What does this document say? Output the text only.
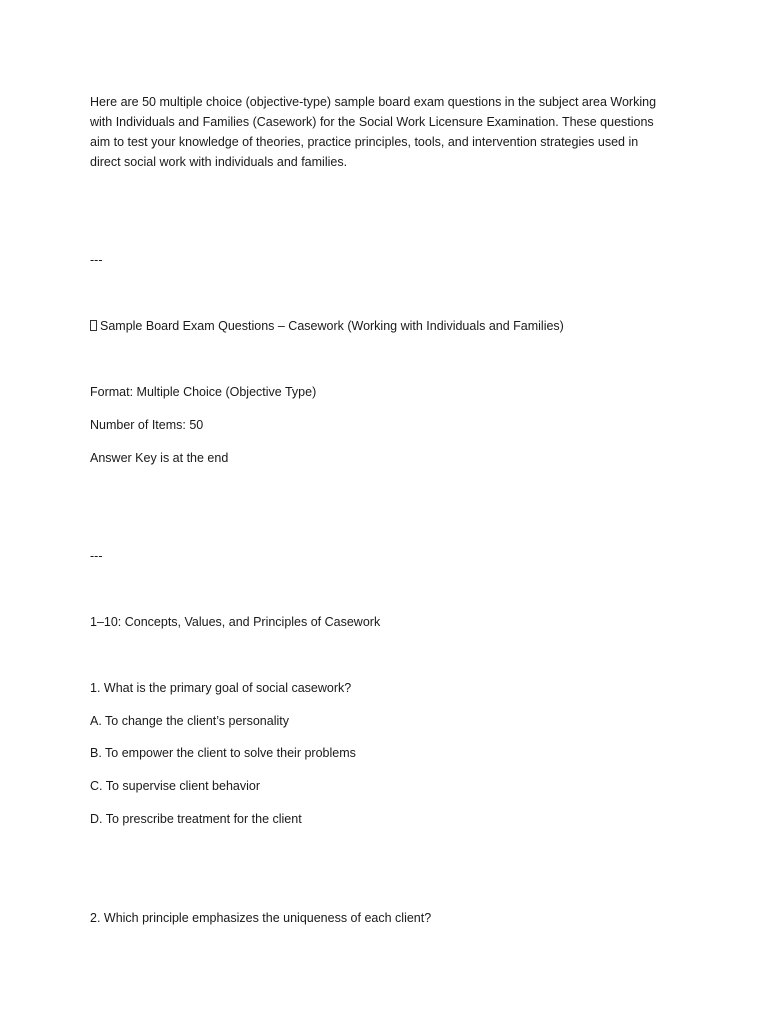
Here are 50 multiple choice (objective-type) sample board exam questions in the subject area Working
with Individuals and Families (Casework) for the Social Work Licensure Examination. These questions
aim to test your knowledge of theories, practice principles, tools, and intervention strategies used in
direct social work with individuals and families.
---
Sample Board Exam Questions – Casework (Working with Individuals and Families)
Format: Multiple Choice (Objective Type)
Number of Items: 50
Answer Key is at the end
---
1–10: Concepts, Values, and Principles of Casework
1. What is the primary goal of social casework?
A. To change the client’s personality
B. To empower the client to solve their problems
C. To supervise client behavior
D. To prescribe treatment for the client
2. Which principle emphasizes the uniqueness of each client?
